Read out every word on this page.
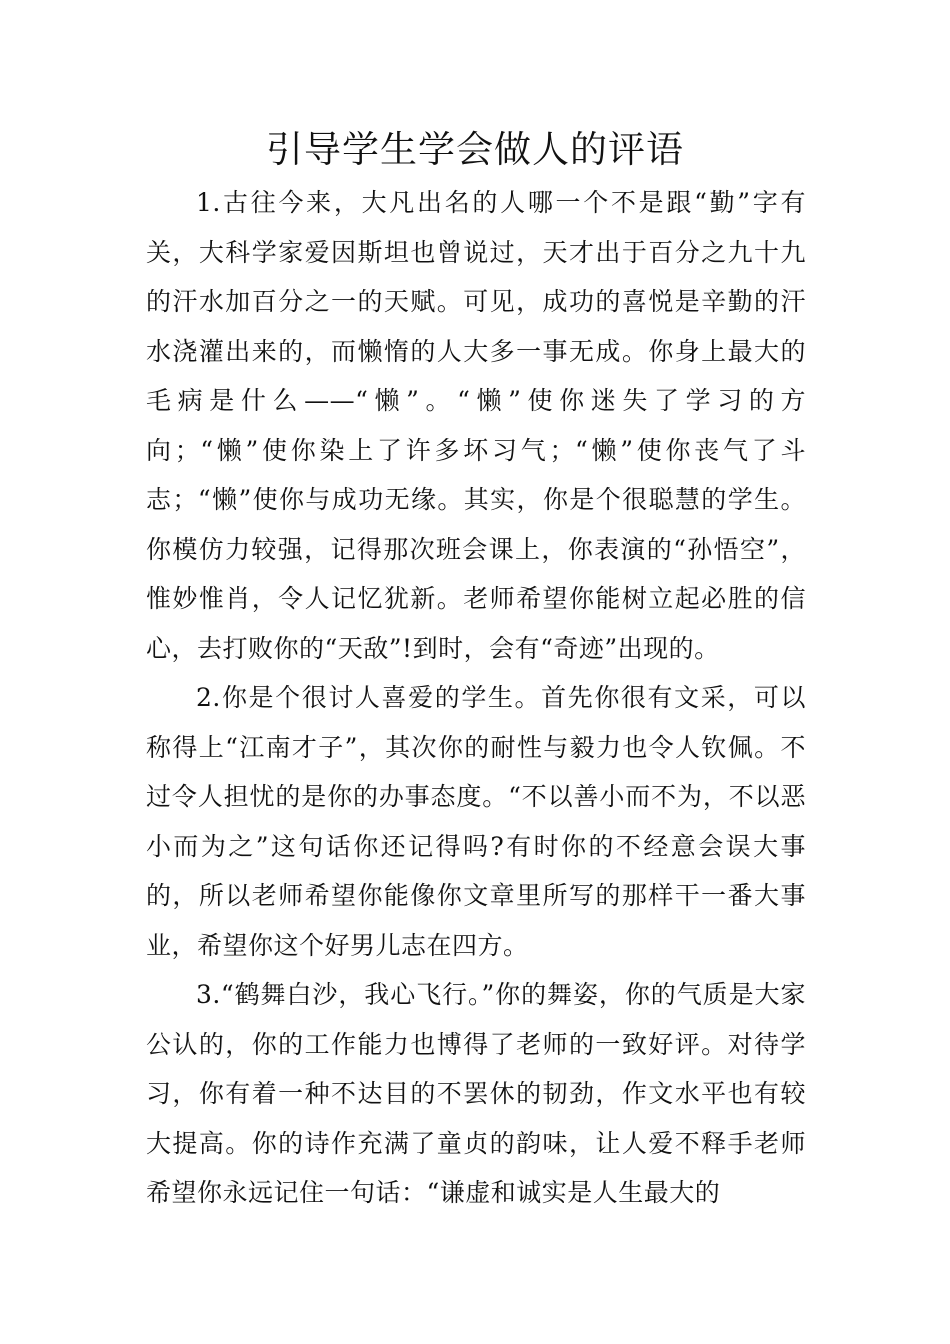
引导学生学会做人的评语

1.古往今来，大凡出名的人哪一个不是跟“勤”字有关，大科学家爱因斯坦也曾说过，天才出于百分之九十九的汗水加百分之一的天赋。可见，成功的喜悦是辛勤的汗水浇灌出来的，而懒惰的人大多一事无成。你身上最大的毛病是什么——“懒”。“懒”使你迷失了学习的方向；“懒”使你染上了许多坏习气；“懒”使你丧气了斗志；“懒”使你与成功无缘。其实，你是个很聪慧的学生。你模仿力较强，记得那次班会课上，你表演的“孙悟空”，惟妙惟肖，令人记忆犹新。老师希望你能树立起必胜的信心，去打败你的“天敌”!到时，会有“奇迹”出现的。

2.你是个很讨人喜爱的学生。首先你很有文采，可以称得上“江南才子”，其次你的耐性与毅力也令人钦佩。不过令人担忧的是你的办事态度。“不以善小而不为，不以恶小而为之”这句话你还记得吗?有时你的不经意会误大事的，所以老师希望你能像你文章里所写的那样干一番大事业，希望你这个好男儿志在四方。

3.“鹤舞白沙，我心飞行。”你的舞姿，你的气质是大家公认的，你的工作能力也博得了老师的一致好评。对待学习，你有着一种不达目的不罢休的韧劲，作文水平也有较大提高。你的诗作充满了童贞的韵味，让人爱不释手老师希望你永远记住一句话：“谦虚和诚实是人生最大的
